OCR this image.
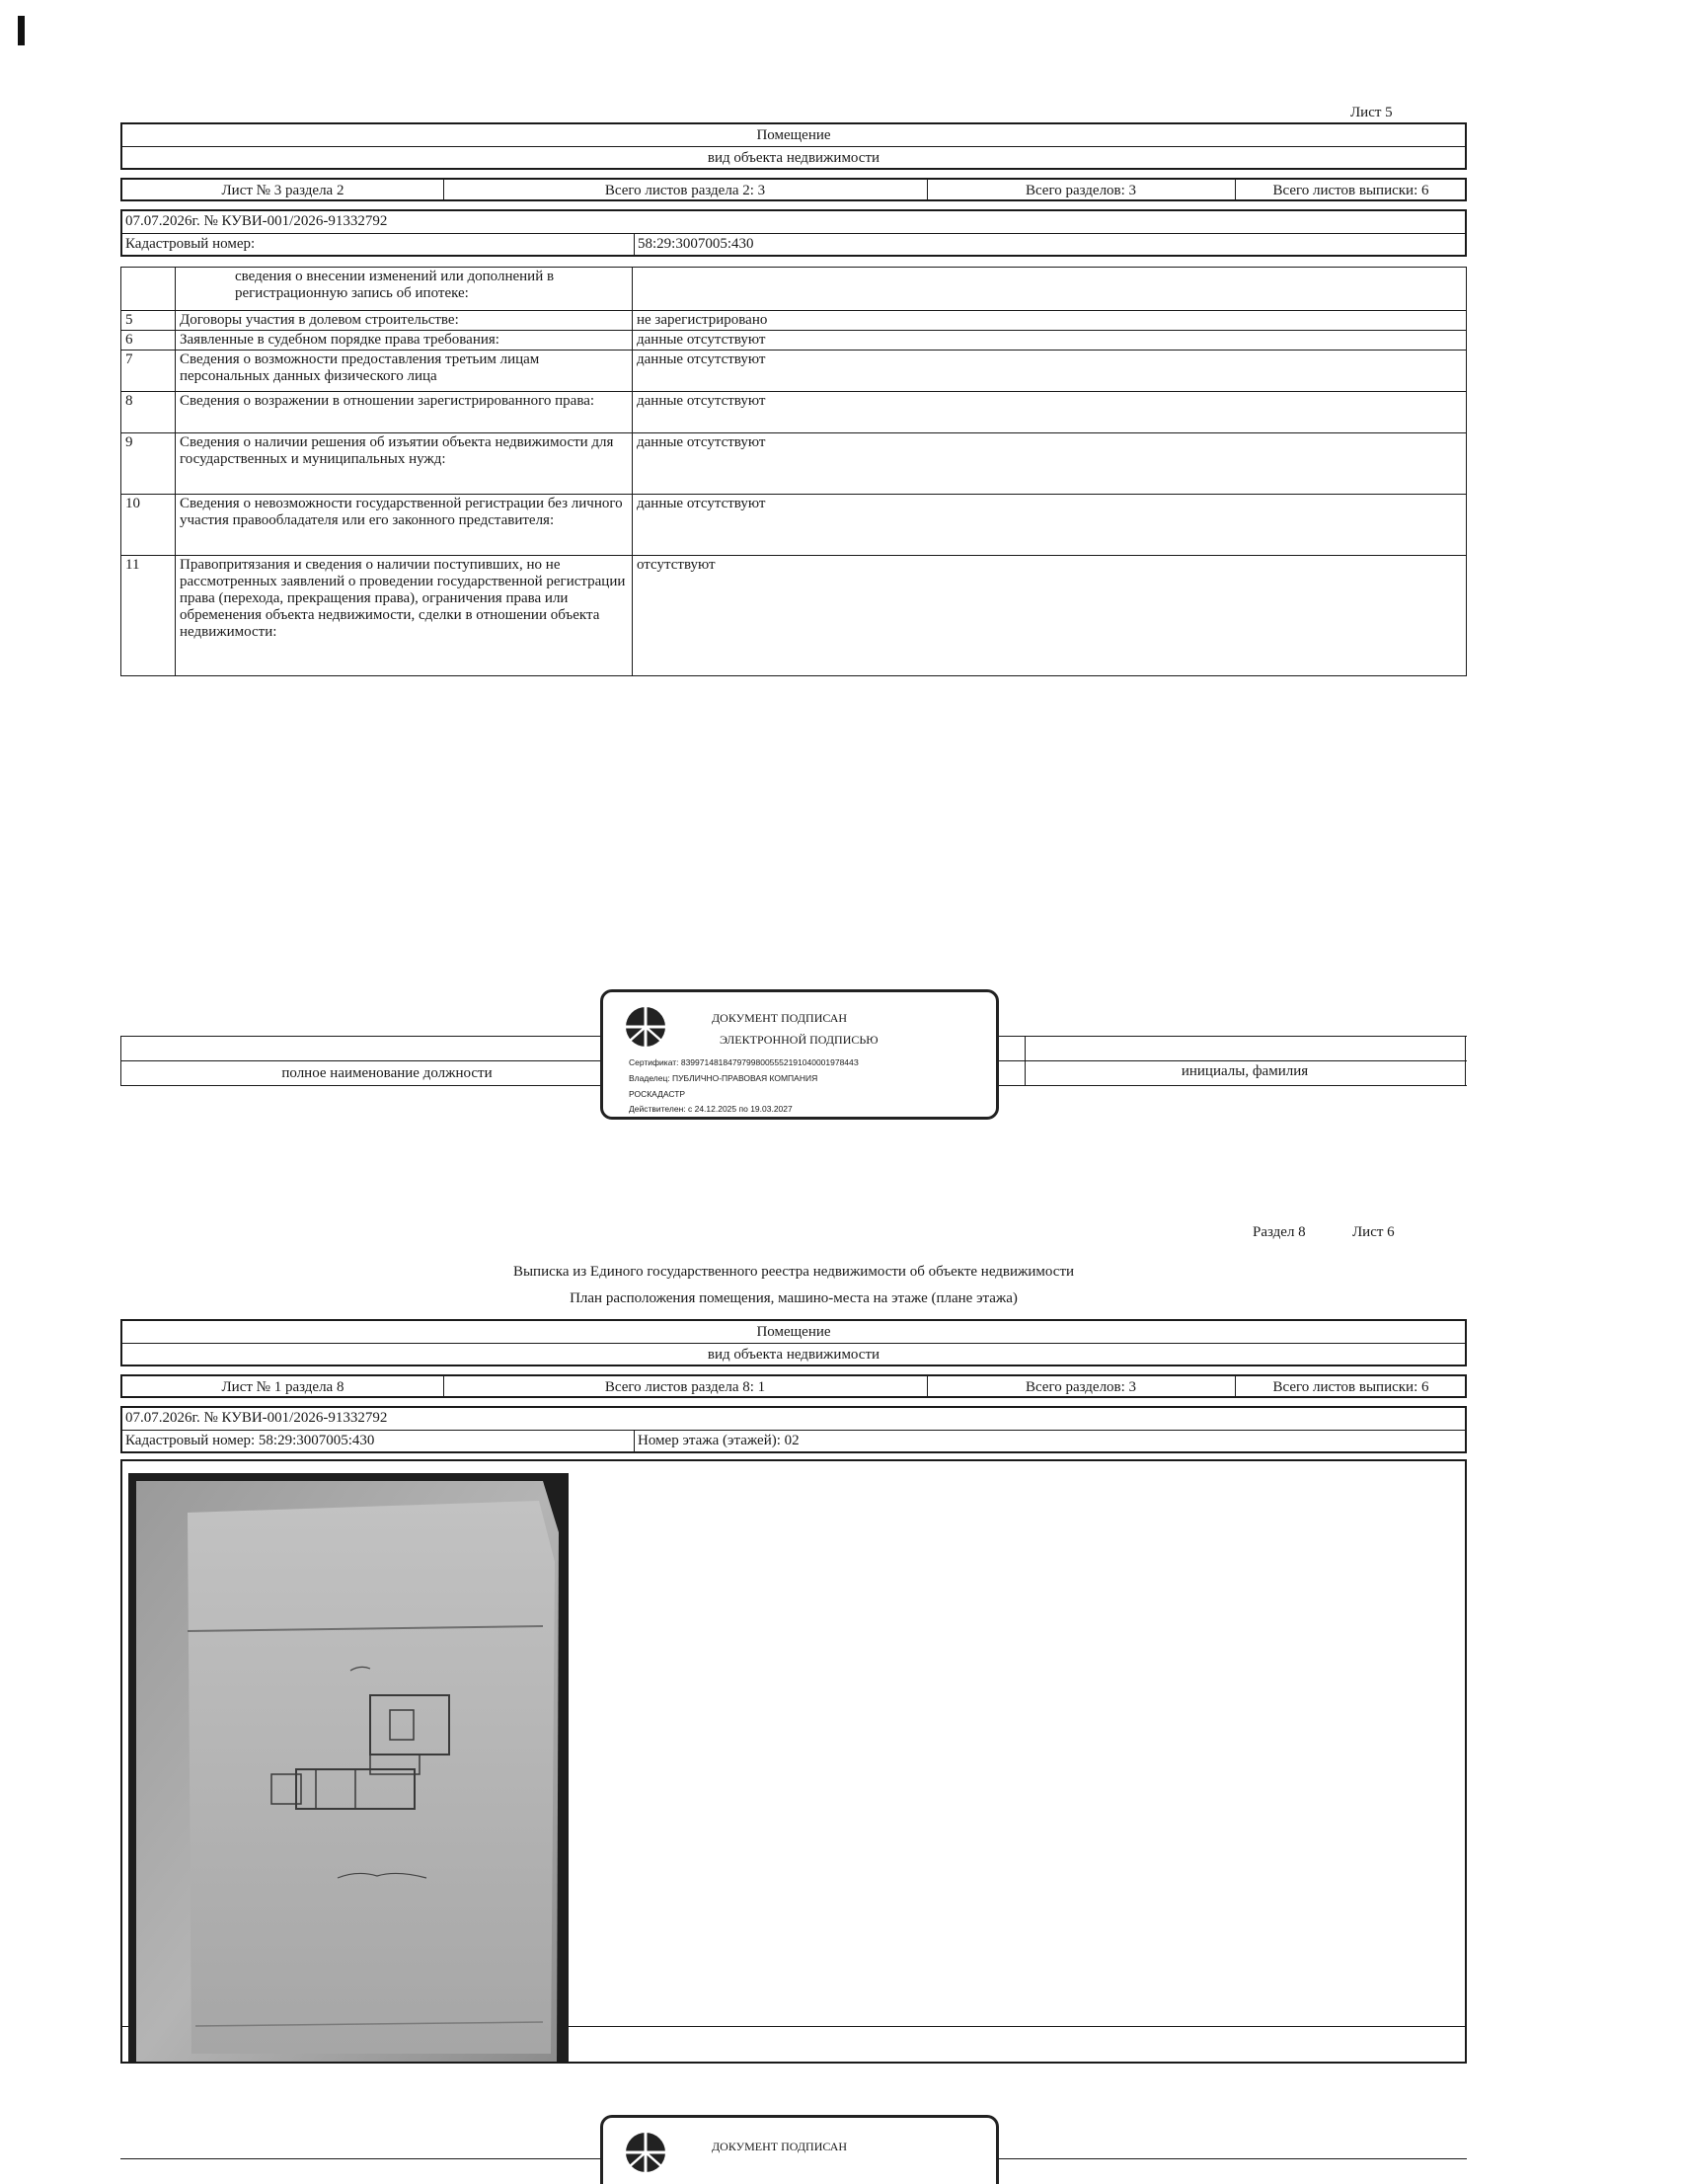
Лист 5
Помещение
вид объекта недвижимости
Лист № 3 раздела 2	Всего листов раздела 2: 3	Всего разделов: 3	Всего листов выписки: 6
07.07.2026г. № КУВИ-001/2026-91332792
Кадастровый номер:	58:29:3007005:430
	сведения о внесении изменений или дополнений в регистрационную запись об ипотеке:	
5	Договоры участия в долевом строительстве:	не зарегистрировано
6	Заявленные в судебном порядке права требования:	данные отсутствуют
7	Сведения о возможности предоставления третьим лицам персональных данных физического лица	данные отсутствуют
8	Сведения о возражении в отношении зарегистрированного права:	данные отсутствуют
9	Сведения о наличии решения об изъятии объекта недвижимости для государственных и муниципальных нужд:	данные отсутствуют
10	Сведения о невозможности государственной регистрации без личного участия правообладателя или его законного представителя:	данные отсутствуют
11	Правопритязания и сведения о наличии поступивших, но не рассмотренных заявлений о проведении государственной регистрации права (перехода, прекращения права), ограничения права или обременения объекта недвижимости, сделки в отношении объекта недвижимости:	отсутствуют
полное наименование должности	инициалы, фамилия
ДОКУМЕНТ ПОДПИСАН
ЭЛЕКТРОННОЙ ПОДПИСЬЮ
Сертификат: 8399714818479799800555219104000197844З
Владелец: ПУБЛИЧНО-ПРАВОВАЯ КОМПАНИЯ
РОСКАДАСТР
Действителен: с 24.12.2025 по 19.03.2027
Раздел 8	Лист 6
Выписка из Единого государственного реестра недвижимости об объекте недвижимости
План расположения помещения, машино-места на этаже (плане этажа)
Помещение
вид объекта недвижимости
Лист № 1 раздела 8	Всего листов раздела 8: 1	Всего разделов: 3	Всего листов выписки: 6
07.07.2026г. № КУВИ-001/2026-91332792
Кадастровый номер: 58:29:3007005:430	Номер этажа (этажей): 02
ДОКУМЕНТ ПОДПИСАН
